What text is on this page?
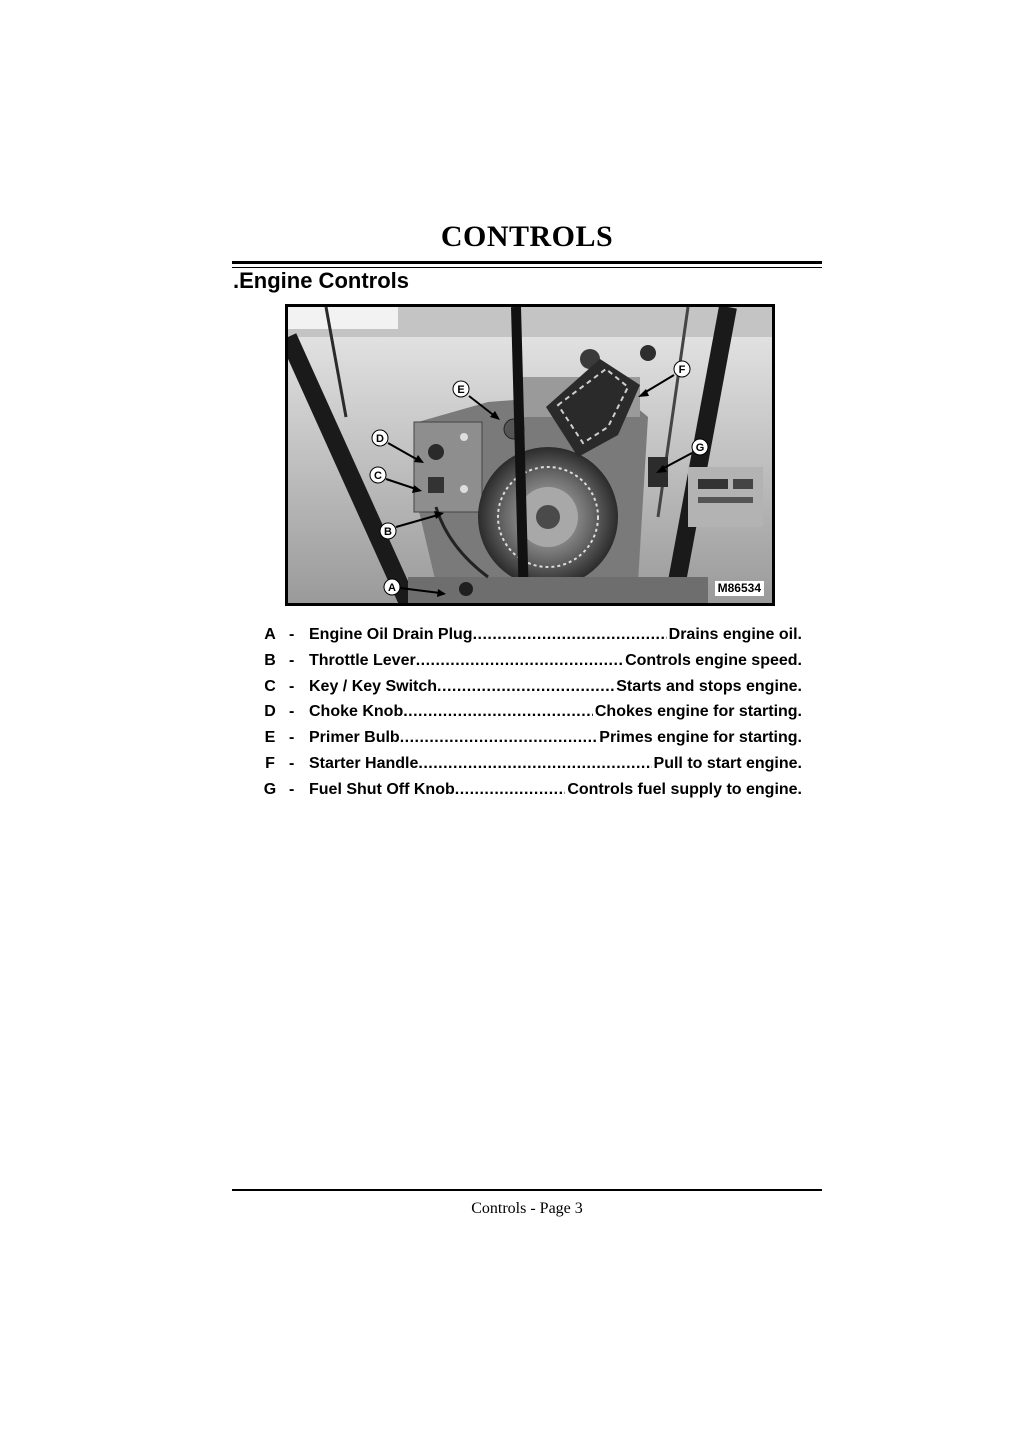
CONTROLS
.Engine Controls
E
F
D
C
B
G
A	M86534
A - Engine Oil Drain Plug .....	Drains engine oil.
B - Throttle Lever .....	Controls engine speed.
C - Key / Key Switch .....	Starts and stops engine.
D - Choke Knob .....	Chokes engine for starting.
E - Primer Bulb .....	Primes engine for starting.
F - Starter Handle .....	Pull to start engine.
G - Fuel Shut Off Knob .....	Controls fuel supply to engine.
Controls - Page 3
